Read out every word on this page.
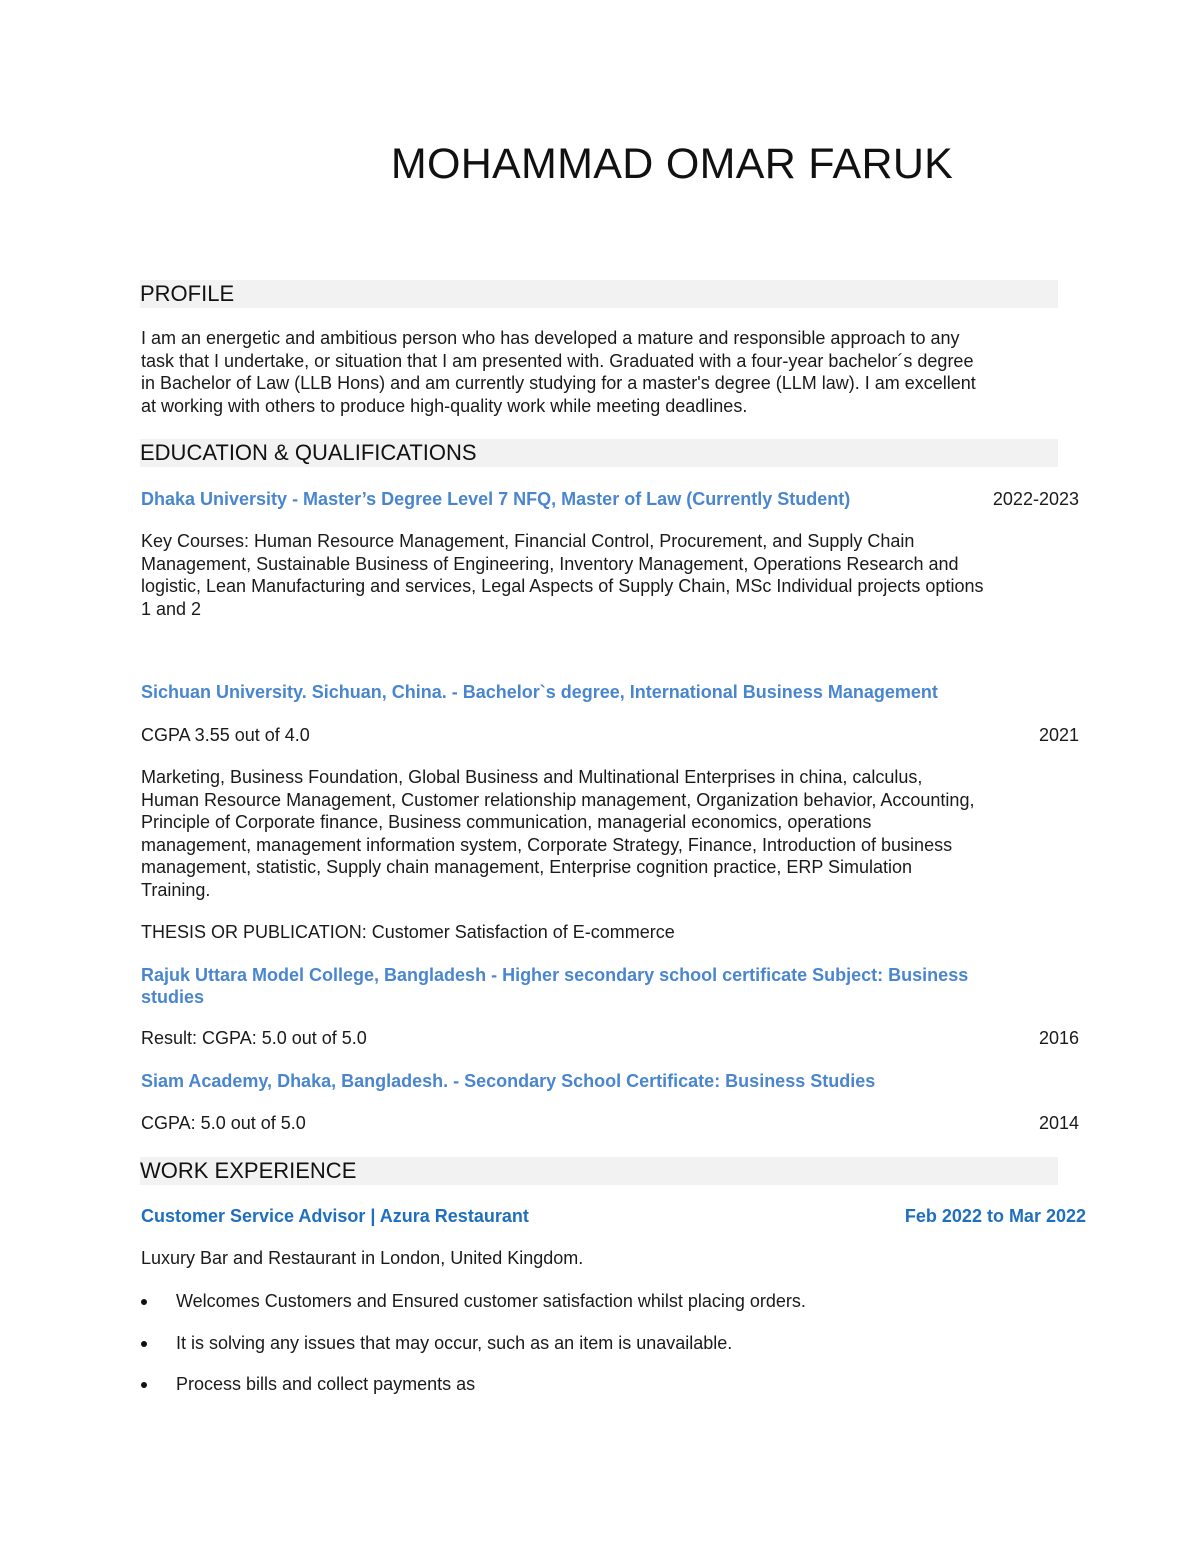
MOHAMMAD OMAR FARUK
PROFILE

I am an energetic and ambitious person who has developed a mature and responsible approach to any

task that I undertake, or situation that I am presented with. Graduated with a four-year bachelor´s degree

in Bachelor of Law (LLB Hons) and am currently studying for a master's degree (LLM law). I am excellent

at working with others to produce high-quality work while meeting deadlines.

EDUCATION & QUALIFICATIONS

Dhaka University - Master’s Degree Level 7 NFQ, Master of Law (Currently Student)	2022-2023

Key Courses: Human Resource Management, Financial Control, Procurement, and Supply Chain

Management, Sustainable Business of Engineering, Inventory Management, Operations Research and

logistic, Lean Manufacturing and services, Legal Aspects of Supply Chain, MSc Individual projects options

1 and 2

Sichuan University. Sichuan, China. - Bachelor`s degree, International Business Management

CGPA 3.55 out of 4.0	2021

Marketing, Business Foundation, Global Business and Multinational Enterprises in china, calculus,

Human Resource Management, Customer relationship management, Organization behavior, Accounting,

Principle of Corporate finance, Business communication, managerial economics, operations

management, management information system, Corporate Strategy, Finance, Introduction of business

management, statistic, Supply chain management, Enterprise cognition practice, ERP Simulation

Training.

THESIS OR PUBLICATION: Customer Satisfaction of E-commerce

Rajuk Uttara Model College, Bangladesh - Higher secondary school certificate Subject: Business

studies

Result: CGPA: 5.0 out of 5.0	2016

Siam Academy, Dhaka, Bangladesh. - Secondary School Certificate: Business Studies

CGPA: 5.0 out of 5.0	2014
WORK EXPERIENCE

Customer Service Advisor | Azura Restaurant	Feb 2022 to Mar 2022

Luxury Bar and Restaurant in London, United Kingdom.

Welcomes Customers and Ensured customer satisfaction whilst placing orders.
It is solving any issues that may occur, such as an item is unavailable.
Process bills and collect payments as
